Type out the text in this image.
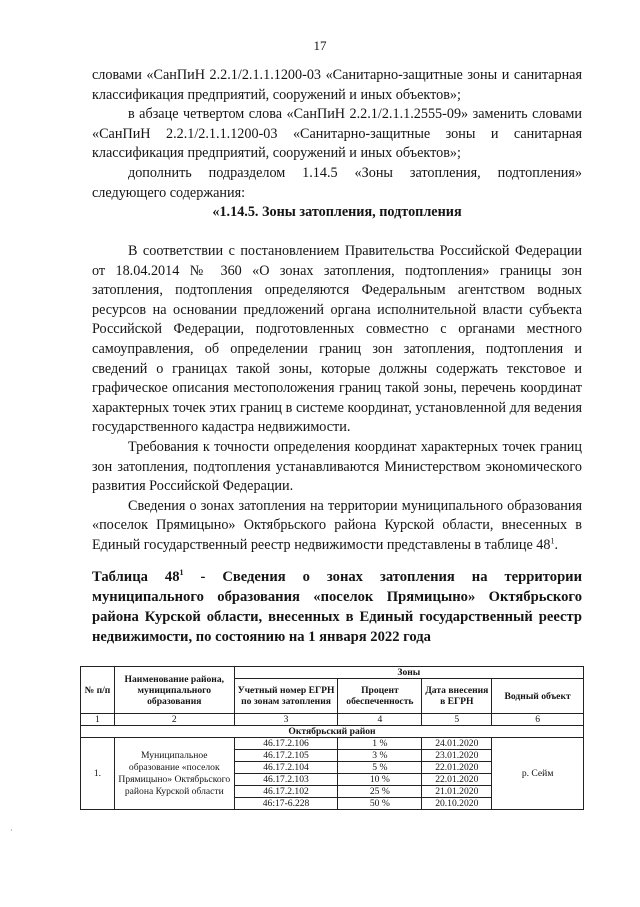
17

словами «СанПиН 2.2.1/2.1.1.1200-03 «Санитарно-защитные зоны и санитарная классификация предприятий, сооружений и иных объектов»;

в абзаце четвертом слова «СанПиН 2.2.1/2.1.1.2555-09» заменить словами «СанПиН 2.2.1/2.1.1.1200-03 «Санитарно-защитные зоны и санитарная классификация предприятий, сооружений и иных объектов»;

дополнить подразделом 1.14.5 «Зоны затопления, подтопления» следующего содержания:

«1.14.5. Зоны затопления, подтопления

В соответствии с постановлением Правительства Российской Федерации от 18.04.2014 № 360 «О зонах затопления, подтопления» границы зон затопления, подтопления определяются Федеральным агентством водных ресурсов на основании предложений органа исполнительной власти субъекта Российской Федерации, подготовленных совместно с органами местного самоуправления, об определении границ зон затопления, подтопления и сведений о границах такой зоны, которые должны содержать текстовое и графическое описания местоположения границ такой зоны, перечень координат характерных точек этих границ в системе координат, установленной для ведения государственного кадастра недвижимости.

Требования к точности определения координат характерных точек границ зон затопления, подтопления устанавливаются Министерством экономического развития Российской Федерации.

Сведения о зонах затопления на территории муниципального образования «поселок Прямицыно» Октябрьского района Курской области, внесенных в Единый государственный реестр недвижимости представлены в таблице $48^1$.

Таблица $48^1$ - Сведения о зонах затопления на территории муниципального образования «поселок Прямицыно» Октябрьского района Курской области, внесенных в Единый государственный реестр недвижимости, по состоянию на 1 января 2022 года
№ п/п	Наименование района, муниципального образования	Зоны			
		Учетный номер ЕГРН по зонам затопления	Процент обеспеченность	Дата внесения в ЕГРН	Водный объект
1	2	3	4	5	6
Октябрьский район					
1.	Муниципальное образование «поселок Прямицыно» Октябрьского района Курской области	46.17.2.106	1 %	24.01.2020	р. Сейм
		46.17.2.105	3 %	23.01.2020	
		46.17.2.104	5 %	22.01.2020	
		46.17.2.103	10 %	22.01.2020	
		46.17.2.102	25 %	21.01.2020	
		46:17-6.228	50 %	20.10.2020	
·
